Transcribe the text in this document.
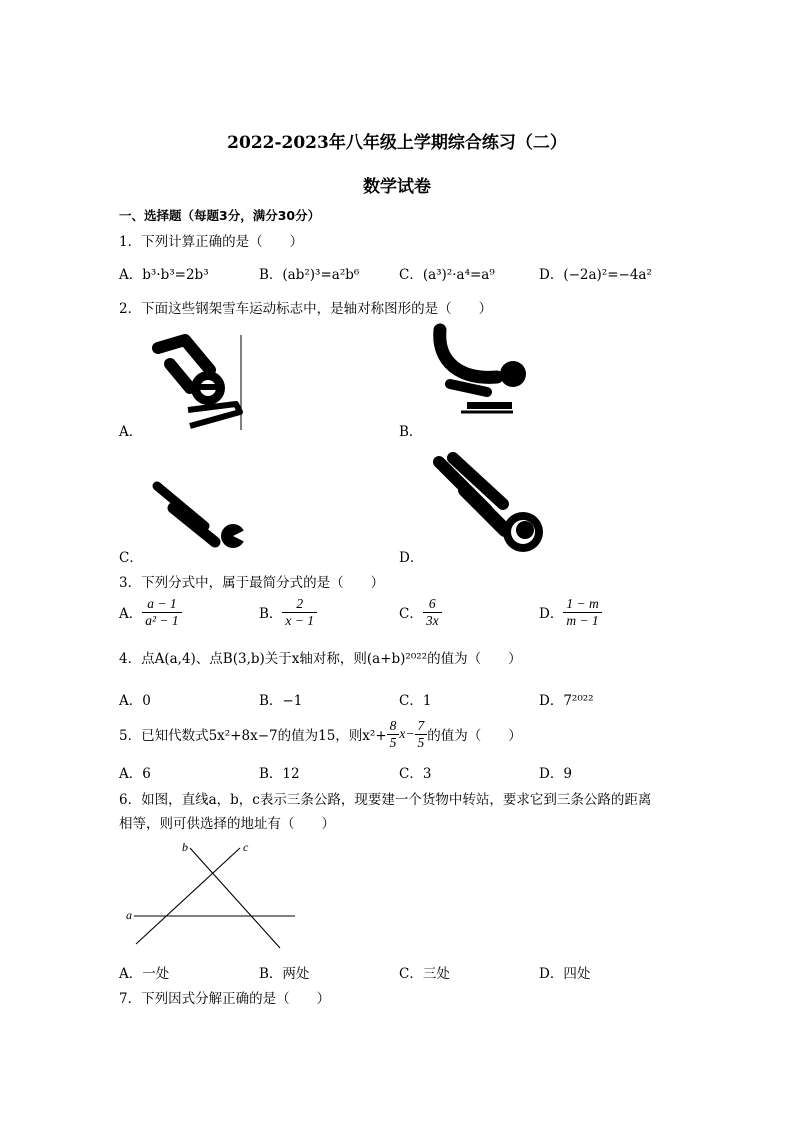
2022-2023年八年级上学期综合练习（二）
数学试卷
一、选择题（每题3分，满分30分）
1．下列计算正确的是（　　）
A．b³·b³=2b³	B．(ab²)³=a²b⁶	C．(a³)²·a⁴=a⁹	D．(−2a)²=−4a²
2．下面这些钢架雪车运动标志中，是轴对称图形的是（　　）
A．	B．
C．	D．
3．下列分式中，属于最简分式的是（　　）
A． $\frac{a - 1}{\text{a² − 1}}$	B． $\frac{2}{x - 1}$	C． $\frac{6}{3x}$	D． $\frac{1 - m}{m - 1}$
4．点A(a,4)、点B(3,b)关于x轴对称，则(a+b)²⁰²²的值为（　　）
A．0	B．−1	C．1	D．7²⁰²²
5．已知代数式5x²+8x−7的值为15，则$x^2+ \frac{8}{5} x- \frac{7}{5}$ 的值为（　　）
A．6	B．12	C．3	D．9
6．如图，直线a，b，c表示三条公路，现要建一个货物中转站，要求它到三条公路的距离
相等，则可供选择的地址有（　　）
a
b	c
A．一处	B．两处	C．三处	D．四处
7．下列因式分解正确的是（　　）
